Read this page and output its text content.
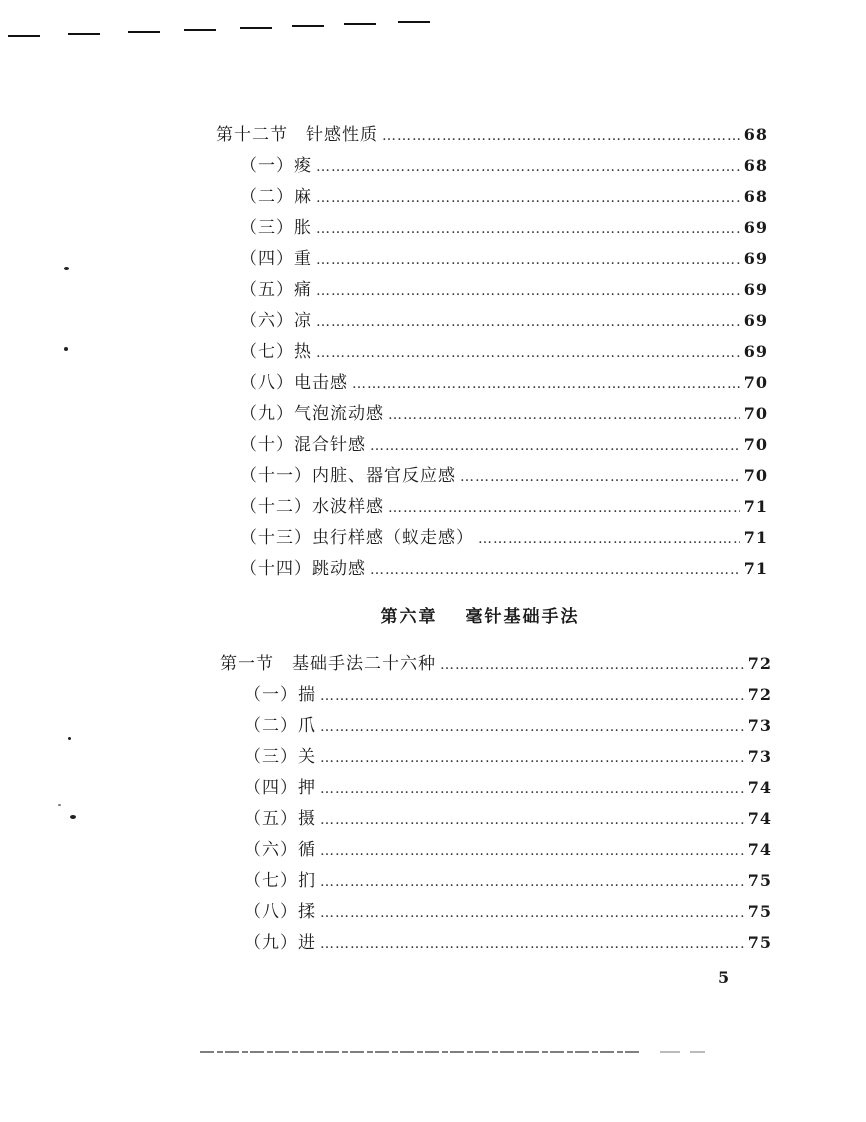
第十二节　针感性质 ………………………………………………………………………………………………………………………………	68
（一）痠 ………………………………………………………………………………………………………………………………	68
（二）麻 ………………………………………………………………………………………………………………………………	68
（三）胀 ………………………………………………………………………………………………………………………………	69
（四）重 ………………………………………………………………………………………………………………………………	69
（五）痛 ………………………………………………………………………………………………………………………………	69
（六）凉 ………………………………………………………………………………………………………………………………	69
（七）热 ………………………………………………………………………………………………………………………………	69
（八）电击感 ………………………………………………………………………………………………………………………………	70
（九）气泡流动感 ………………………………………………………………………………………………………………………………	70
（十）混合针感 ………………………………………………………………………………………………………………………………	70
（十一）内脏、器官反应感 ………………………………………………………………………………………………………………………………	70
（十二）水波样感 ………………………………………………………………………………………………………………………………	71
（十三）虫行样感（蚁走感） ………………………………………………………………………………………………………………………………	71
（十四）跳动感 ………………………………………………………………………………………………………………………………	71
第六章 毫针基础手法
第一节　基础手法二十六种 ………………………………………………………………………………………………………………………………	72
（一）揣 ………………………………………………………………………………………………………………………………	72
（二）爪 ………………………………………………………………………………………………………………………………	73
（三）关 ………………………………………………………………………………………………………………………………	73
（四）押 ………………………………………………………………………………………………………………………………	74
（五）摄 ………………………………………………………………………………………………………………………………	74
（六）循 ………………………………………………………………………………………………………………………………	74
（七）扪 ………………………………………………………………………………………………………………………………	75
（八）揉 ………………………………………………………………………………………………………………………………	75
（九）进 ………………………………………………………………………………………………………………………………	75
5
